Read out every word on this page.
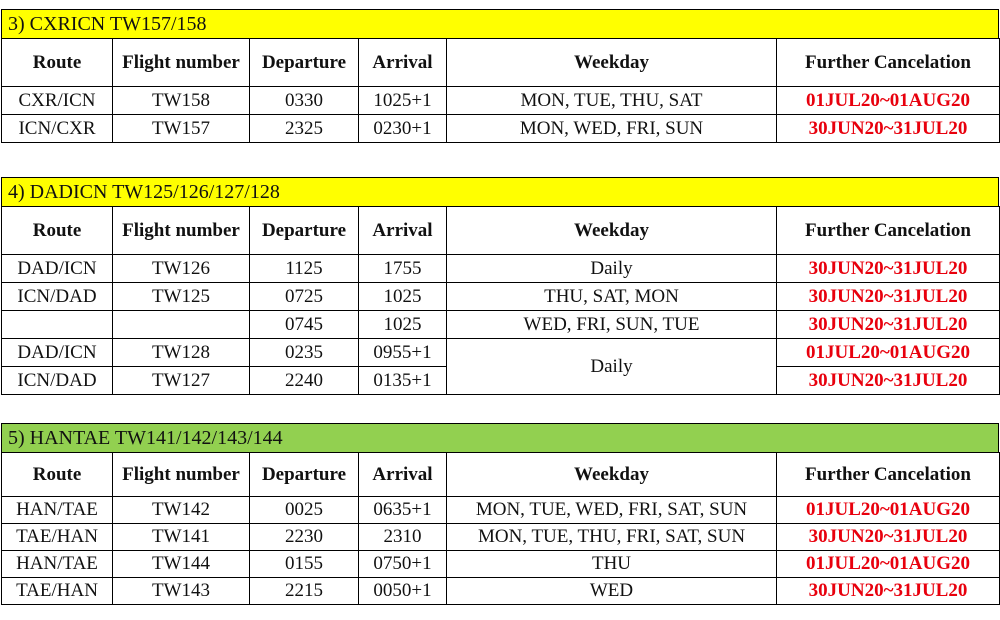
3) CXRICN TW157/158
Route	Flight number	Departure	Arrival	Weekday	Further Cancelation
CXR/ICN	TW158	0330	1025+1	MON, TUE, THU, SAT	01JUL20~01AUG20
ICN/CXR	TW157	2325	0230+1	MON, WED, FRI, SUN	30JUN20~31JUL20
4) DADICN TW125/126/127/128
Route	Flight number	Departure	Arrival	Weekday	Further Cancelation
DAD/ICN	TW126	1125	1755	Daily	30JUN20~31JUL20
ICN/DAD	TW125	0725	1025	THU, SAT, MON	30JUN20~31JUL20
		0745	1025	WED, FRI, SUN, TUE	30JUN20~31JUL20
DAD/ICN	TW128	0235	0955+1	Daily	01JUL20~01AUG20
ICN/DAD	TW127	2240	0135+1		30JUN20~31JUL20
5) HANTAE TW141/142/143/144
Route	Flight number	Departure	Arrival	Weekday	Further Cancelation
HAN/TAE	TW142	0025	0635+1	MON, TUE, WED, FRI, SAT, SUN	01JUL20~01AUG20
TAE/HAN	TW141	2230	2310	MON, TUE, THU, FRI, SAT, SUN	30JUN20~31JUL20
HAN/TAE	TW144	0155	0750+1	THU	01JUL20~01AUG20
TAE/HAN	TW143	2215	0050+1	WED	30JUN20~31JUL20
